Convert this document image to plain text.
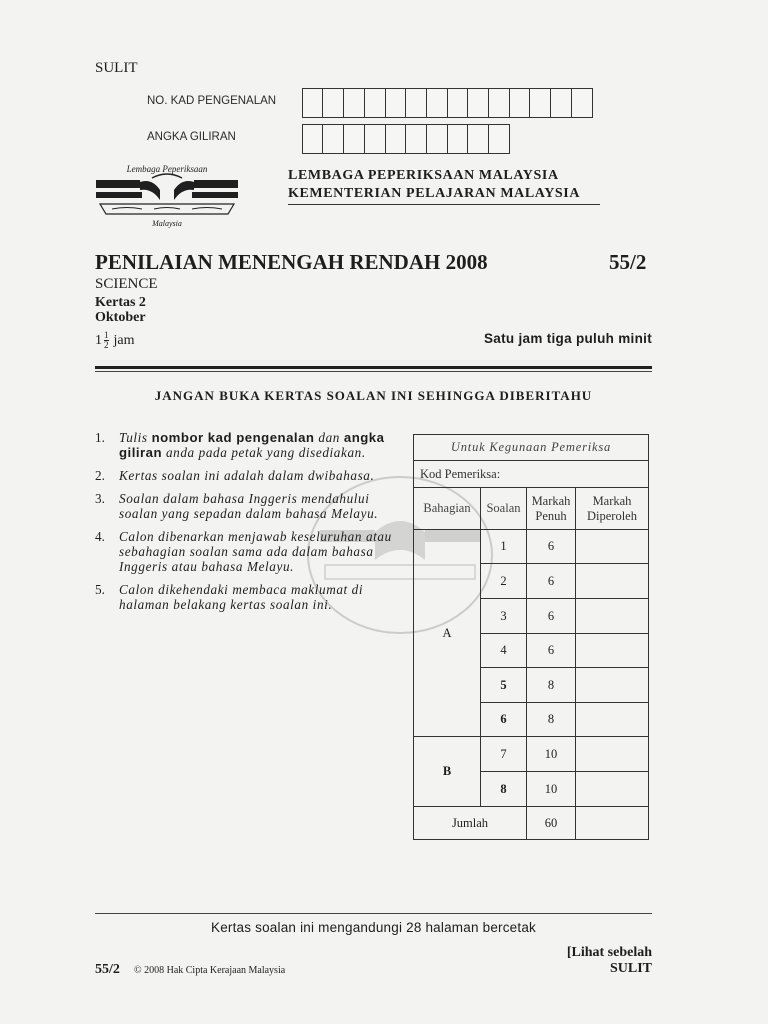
SULIT
NO. KAD PENGENALAN
ANGKA GILIRAN
Lembaga Peperiksaan
Malaysia
LEMBAGA PEPERIKSAAN MALAYSIA
KEMENTERIAN PELAJARAN MALAYSIA
PENILAIAN MENENGAH RENDAH 2008	55/2
SCIENCE
Kertas 2
Oktober
$1 \frac{1}{2}$ jam	Satu jam tiga puluh minit
JANGAN BUKA KERTAS SOALAN INI SEHINGGA DIBERITAHU
1.	Tulis nombor kad pengenalan dan angka giliran anda pada petak yang disediakan.
2.	Kertas soalan ini adalah dalam dwibahasa.
3.	Soalan dalam bahasa Inggeris mendahului soalan yang sepadan dalam bahasa Melayu.
4.	Calon dibenarkan menjawab keseluruhan atau sebahagian soalan sama ada dalam bahasa Inggeris atau bahasa Melayu.
5.	Calon dikehendaki membaca maklumat di halaman belakang kertas soalan ini.
Untuk Kegunaan Pemeriksa			
Kod Pemeriksa:			
Bahagian	Soalan	Markah Penuh	Markah Diperoleh
A	1	6	
	2	6	
	3	6	
	4	6	
	5	8	
	6	8	
B	7	10	
	8	10	
Jumlah		60	
Kertas soalan ini mengandungi 28 halaman bercetak
[Lihat sebelah
SULIT
55/2 © 2008 Hak Cipta Kerajaan Malaysia
